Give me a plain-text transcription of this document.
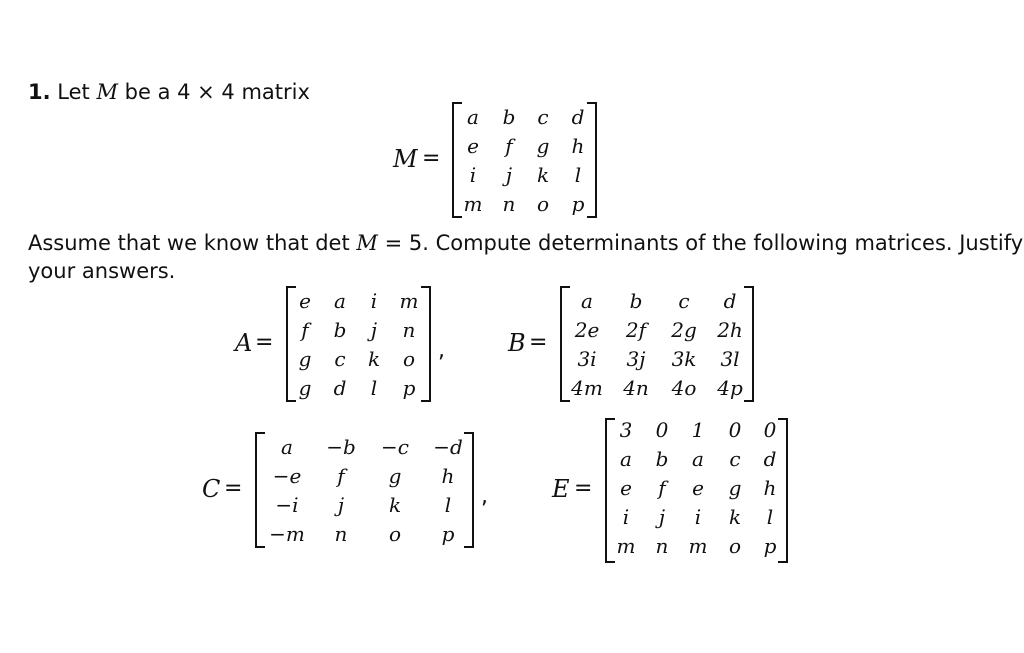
1. Let M be a 4 × 4 matrix
M =
a	b	c	d
e	f	g	h
i	j	k	l
m	n	o	p
Assume that we know that det M = 5. Compute determinants of the following matrices. Justify
your answers.
A =
e	a	i	m
f	b	j	n
g	c	k	o
g	d	l	p
,	B =
a	b	c	d
2e	2f	2g	2h
3i	3j	3k	3l
4m	4n	4o	4p
C =
a	−b	−c	−d
−e	f	g	h
−i	j	k	l
−m	n	o	p
,	E =
3	0	1	0	0
a	b	a	c	d
e	f	e	g	h
i	j	i	k	l
m	n	m	o	p
